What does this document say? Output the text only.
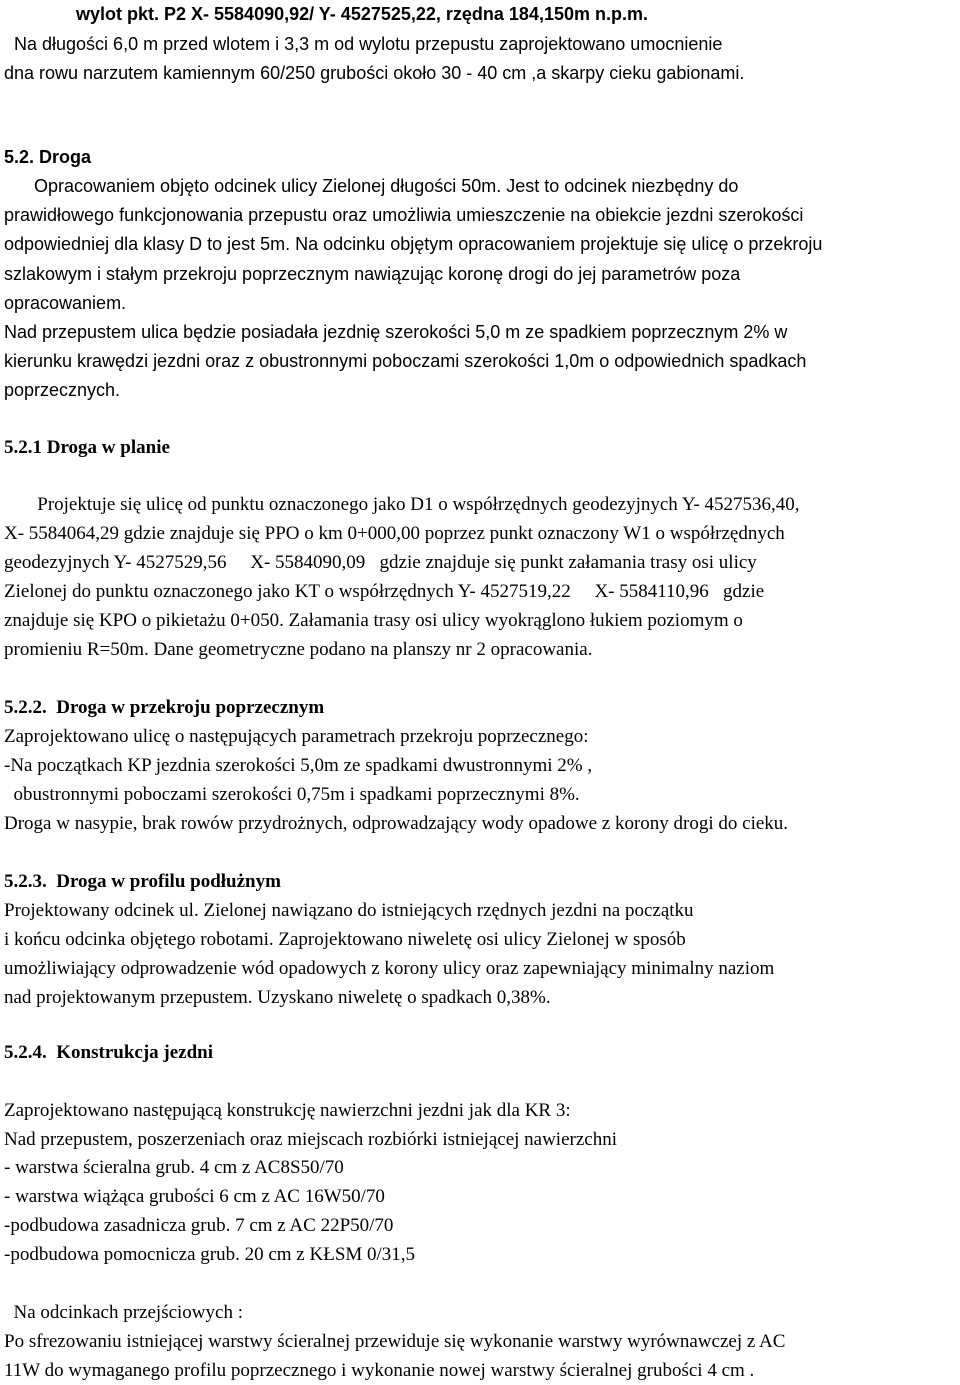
wylot pkt. P2 X- 5584090,92/ Y- 4527525,22, rzędna 184,150m n.p.m.

Na długości 6,0 m przed wlotem i 3,3 m od wylotu przepustu zaprojektowano umocnienie

dna rowu narzutem kamiennym 60/250 grubości około 30 - 40 cm ,a skarpy cieku gabionami.

5.2. Droga

Opracowaniem objęto odcinek ulicy Zielonej długości 50m. Jest to odcinek niezbędny do

prawidłowego funkcjonowania przepustu oraz umożliwia umieszczenie na obiekcie jezdni szerokości

odpowiedniej dla klasy D to jest 5m. Na odcinku objętym opracowaniem projektuje się ulicę o przekroju

szlakowym i stałym przekroju poprzecznym nawiązując koronę drogi do jej parametrów poza

opracowaniem.

Nad przepustem ulica będzie posiadała jezdnię szerokości 5,0 m ze spadkiem poprzecznym 2% w

kierunku krawędzi jezdni oraz z obustronnymi poboczami szerokości 1,0m o odpowiednich spadkach

poprzecznych.

5.2.1 Droga w planie

Projektuje się ulicę od punktu oznaczonego jako D1 o współrzędnych geodezyjnych Y- 4527536,40,

X- 5584064,29 gdzie znajduje się PPO o km 0+000,00 poprzez punkt oznaczony W1 o współrzędnych

geodezyjnych Y- 4527529,56     X- 5584090,09   gdzie znajduje się punkt załamania trasy osi ulicy

Zielonej do punktu oznaczonego jako KT o współrzędnych Y- 4527519,22     X- 5584110,96   gdzie

znajduje się KPO o pikietażu 0+050. Załamania trasy osi ulicy wyokrąglono łukiem poziomym o

promieniu R=50m. Dane geometryczne podano na planszy nr 2 opracowania.

5.2.2.  Droga w przekroju poprzecznym

Zaprojektowano ulicę o następujących parametrach przekroju poprzecznego:

-Na początkach KP jezdnia szerokości 5,0m ze spadkami dwustronnymi 2% ,

obustronnymi poboczami szerokości 0,75m i spadkami poprzecznymi 8%.

Droga w nasypie, brak rowów przydrożnych, odprowadzający wody opadowe z korony drogi do cieku.

5.2.3.  Droga w profilu podłużnym

Projektowany odcinek ul. Zielonej nawiązano do istniejących rzędnych jezdni na początku

i końcu odcinka objętego robotami. Zaprojektowano niweletę osi ulicy Zielonej w sposób

umożliwiający odprowadzenie wód opadowych z korony ulicy oraz zapewniający minimalny naziom

nad projektowanym przepustem. Uzyskano niweletę o spadkach 0,38%.

5.2.4.  Konstrukcja jezdni

Zaprojektowano następującą konstrukcję nawierzchni jezdni jak dla KR 3:

Nad przepustem, poszerzeniach oraz miejscach rozbiórki istniejącej nawierzchni

- warstwa ścieralna grub. 4 cm z AC8S50/70

- warstwa wiążąca grubości 6 cm z AC 16W50/70

-podbudowa zasadnicza grub. 7 cm z AC 22P50/70

-podbudowa pomocnicza grub. 20 cm z KŁSM 0/31,5

Na odcinkach przejściowych :

Po sfrezowaniu istniejącej warstwy ścieralnej przewiduje się wykonanie warstwy wyrównawczej z AC

11W do wymaganego profilu poprzecznego i wykonanie nowej warstwy ścieralnej grubości 4 cm .
